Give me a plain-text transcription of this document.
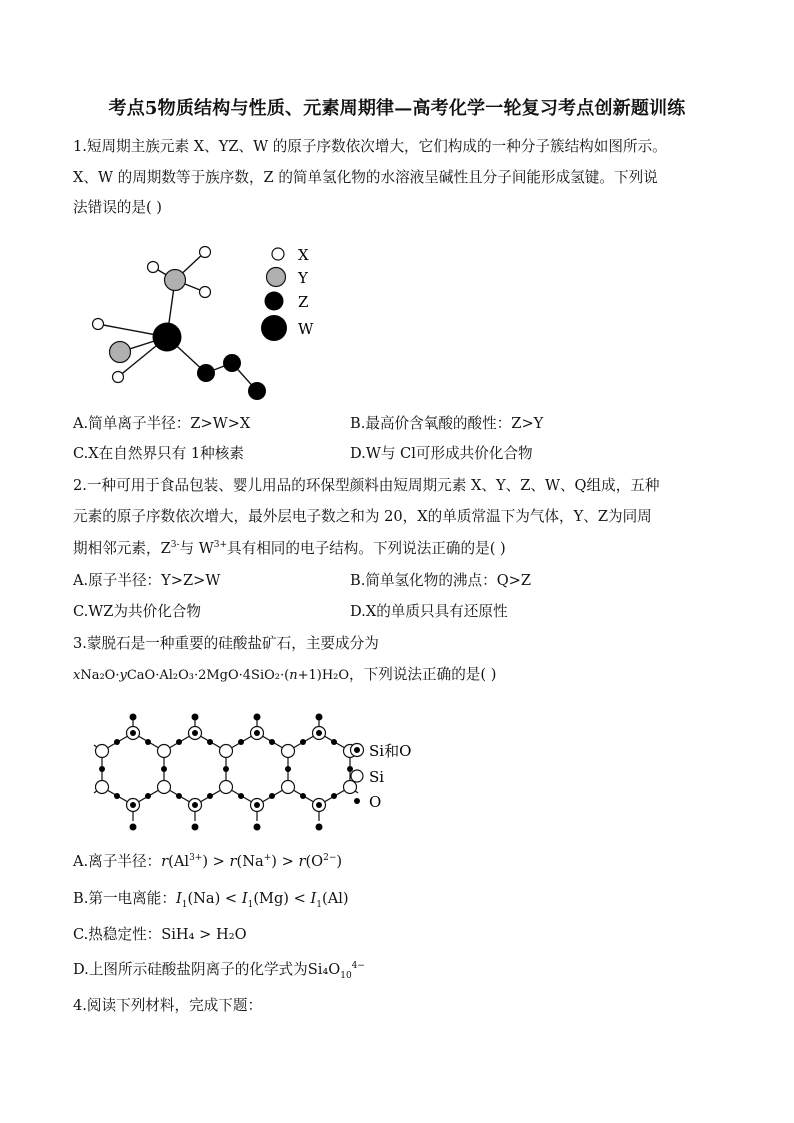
考点5物质结构与性质、元素周期律—高考化学一轮复习考点创新题训练
1.短周期主族元素 X、YZ、W 的原子序数依次增大，它们构成的一种分子簇结构如图所示。
X、W 的周期数等于族序数，Z 的简单氢化物的水溶液呈碱性且分子间能形成氢键。下列说
法错误的是( )
X
Y
Z
W
A.简单离子半径：Z>W>X	B.最高价含氧酸的酸性：Z>Y
C.X在自然界只有 1种核素	D.W与 Cl可形成共价化合物
2.一种可用于食品包装、婴儿用品的环保型颜料由短周期元素 X、Y、Z、W、Q组成，五种
元素的原子序数依次增大，最外层电子数之和为 20，X的单质常温下为气体，Y、Z为同周
期相邻元素，$Z^{3-}$与 $W^{3+}$具有相同的电子结构。下列说法正确的是( )
A.原子半径：Y>Z>W	B.简单氢化物的沸点：Q>Z
C.WZ为共价化合物	D.X的单质只具有还原性
3.蒙脱石是一种重要的硅酸盐矿石，主要成分为
xNa₂O·yCaO·Al₂O₃·2MgO·4SiO₂·(n+1)H₂O，下列说法正确的是( )
Si和O
Si
O
A.离子半径：$r(Al^{3+}) > r(Na^+) > r(O^{2-})$
B.第一电离能：$I_1(Na) < I_1(Mg) < I_1(Al)$
C.热稳定性：SiH₄ > H₂O
D.上图所示硅酸盐阴离子的化学式为$Si_4O_{10}^{4-}$
4.阅读下列材料，完成下题：
